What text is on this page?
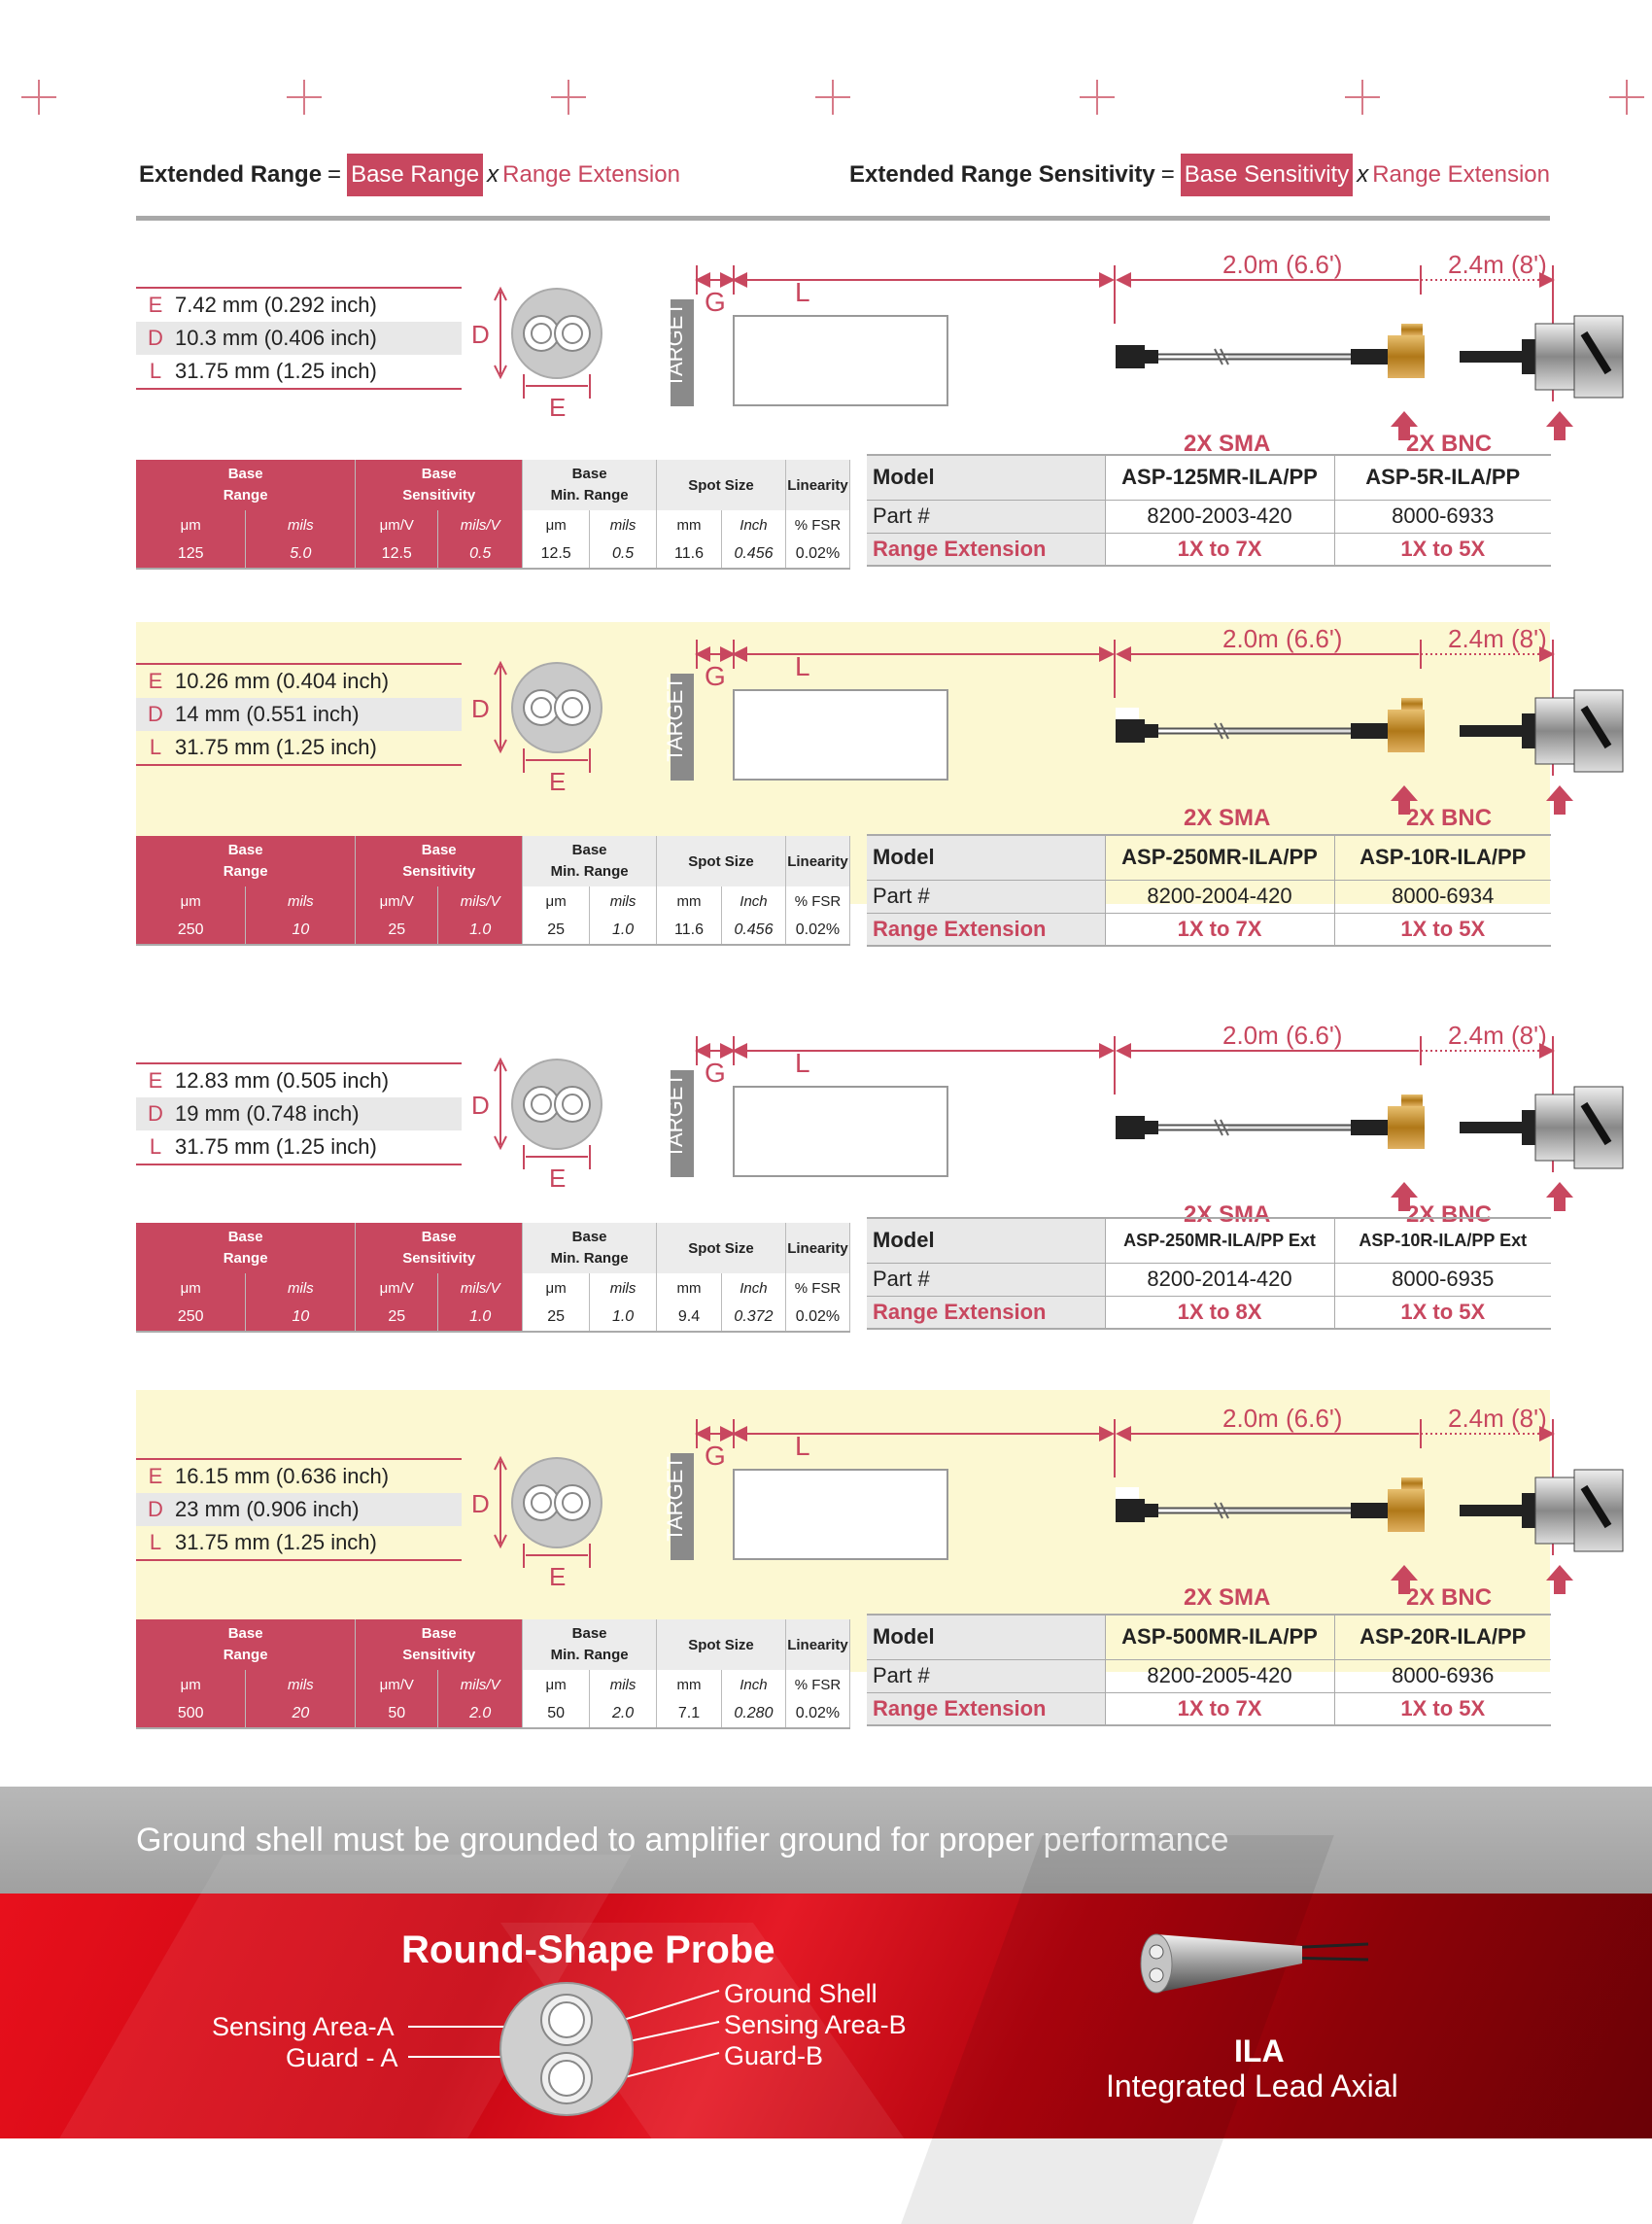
Extended Range = Base Range x Range Extension	Extended Range Sensitivity = Base Sensitivity x Range Extension
E 7.42 mm (0.292 inch)
D 10.3 mm (0.406 inch)
L 31.75 mm (1.25 inch)
D
E
TARGET
G	L
2.0m (6.6')	2.4m (8')
2X SMA	2X BNC
Base
Range		Base
Sensitivity		Base
Min. Range		Spot Size		Linearity
μm	mils	μm/V	mils/V	μm	mils	mm	Inch	% FSR
125	5.0	12.5	0.5	12.5	0.5	11.6	0.456	0.02%
Model	ASP-125MR-ILA/PP	ASP-5R-ILA/PP
Part #	8200-2003-420	8000-6933
Range Extension	1X to 7X	1X to 5X
E 10.26 mm (0.404 inch)
D 14 mm (0.551 inch)
L 31.75 mm (1.25 inch)
D
E
TARGET
G	L
2.0m (6.6')	2.4m (8')
2X SMA	2X BNC
Base
Range		Base
Sensitivity		Base
Min. Range		Spot Size		Linearity
μm	mils	μm/V	mils/V	μm	mils	mm	Inch	% FSR
250	10	25	1.0	25	1.0	11.6	0.456	0.02%
Model	ASP-250MR-ILA/PP	ASP-10R-ILA/PP
Part #	8200-2004-420	8000-6934
Range Extension	1X to 7X	1X to 5X
E 12.83 mm (0.505 inch)
D 19 mm (0.748 inch)
L 31.75 mm (1.25 inch)
D
E
TARGET
G	L
2.0m (6.6')	2.4m (8')
2X SMA	2X BNC
Base
Range		Base
Sensitivity		Base
Min. Range		Spot Size		Linearity
μm	mils	μm/V	mils/V	μm	mils	mm	Inch	% FSR
250	10	25	1.0	25	1.0	9.4	0.372	0.02%
Model	ASP-250MR-ILA/PP Ext	ASP-10R-ILA/PP Ext
Part #	8200-2014-420	8000-6935
Range Extension	1X to 8X	1X to 5X
E 16.15 mm (0.636 inch)
D 23 mm (0.906 inch)
L 31.75 mm (1.25 inch)
D
E
TARGET
G	L
2.0m (6.6')	2.4m (8')
2X SMA	2X BNC
Base
Range		Base
Sensitivity		Base
Min. Range		Spot Size		Linearity
μm	mils	μm/V	mils/V	μm	mils	mm	Inch	% FSR
500	20	50	2.0	50	2.0	7.1	0.280	0.02%
Model	ASP-500MR-ILA/PP	ASP-20R-ILA/PP
Part #	8200-2005-420	8000-6936
Range Extension	1X to 7X	1X to 5X
Ground shell must be grounded to amplifier ground for proper performance
Round-Shape Probe
Ground Shell
Sensing Area-A	Sensing Area-B
Guard - A	Guard-B	ILA
Integrated Lead Axial
